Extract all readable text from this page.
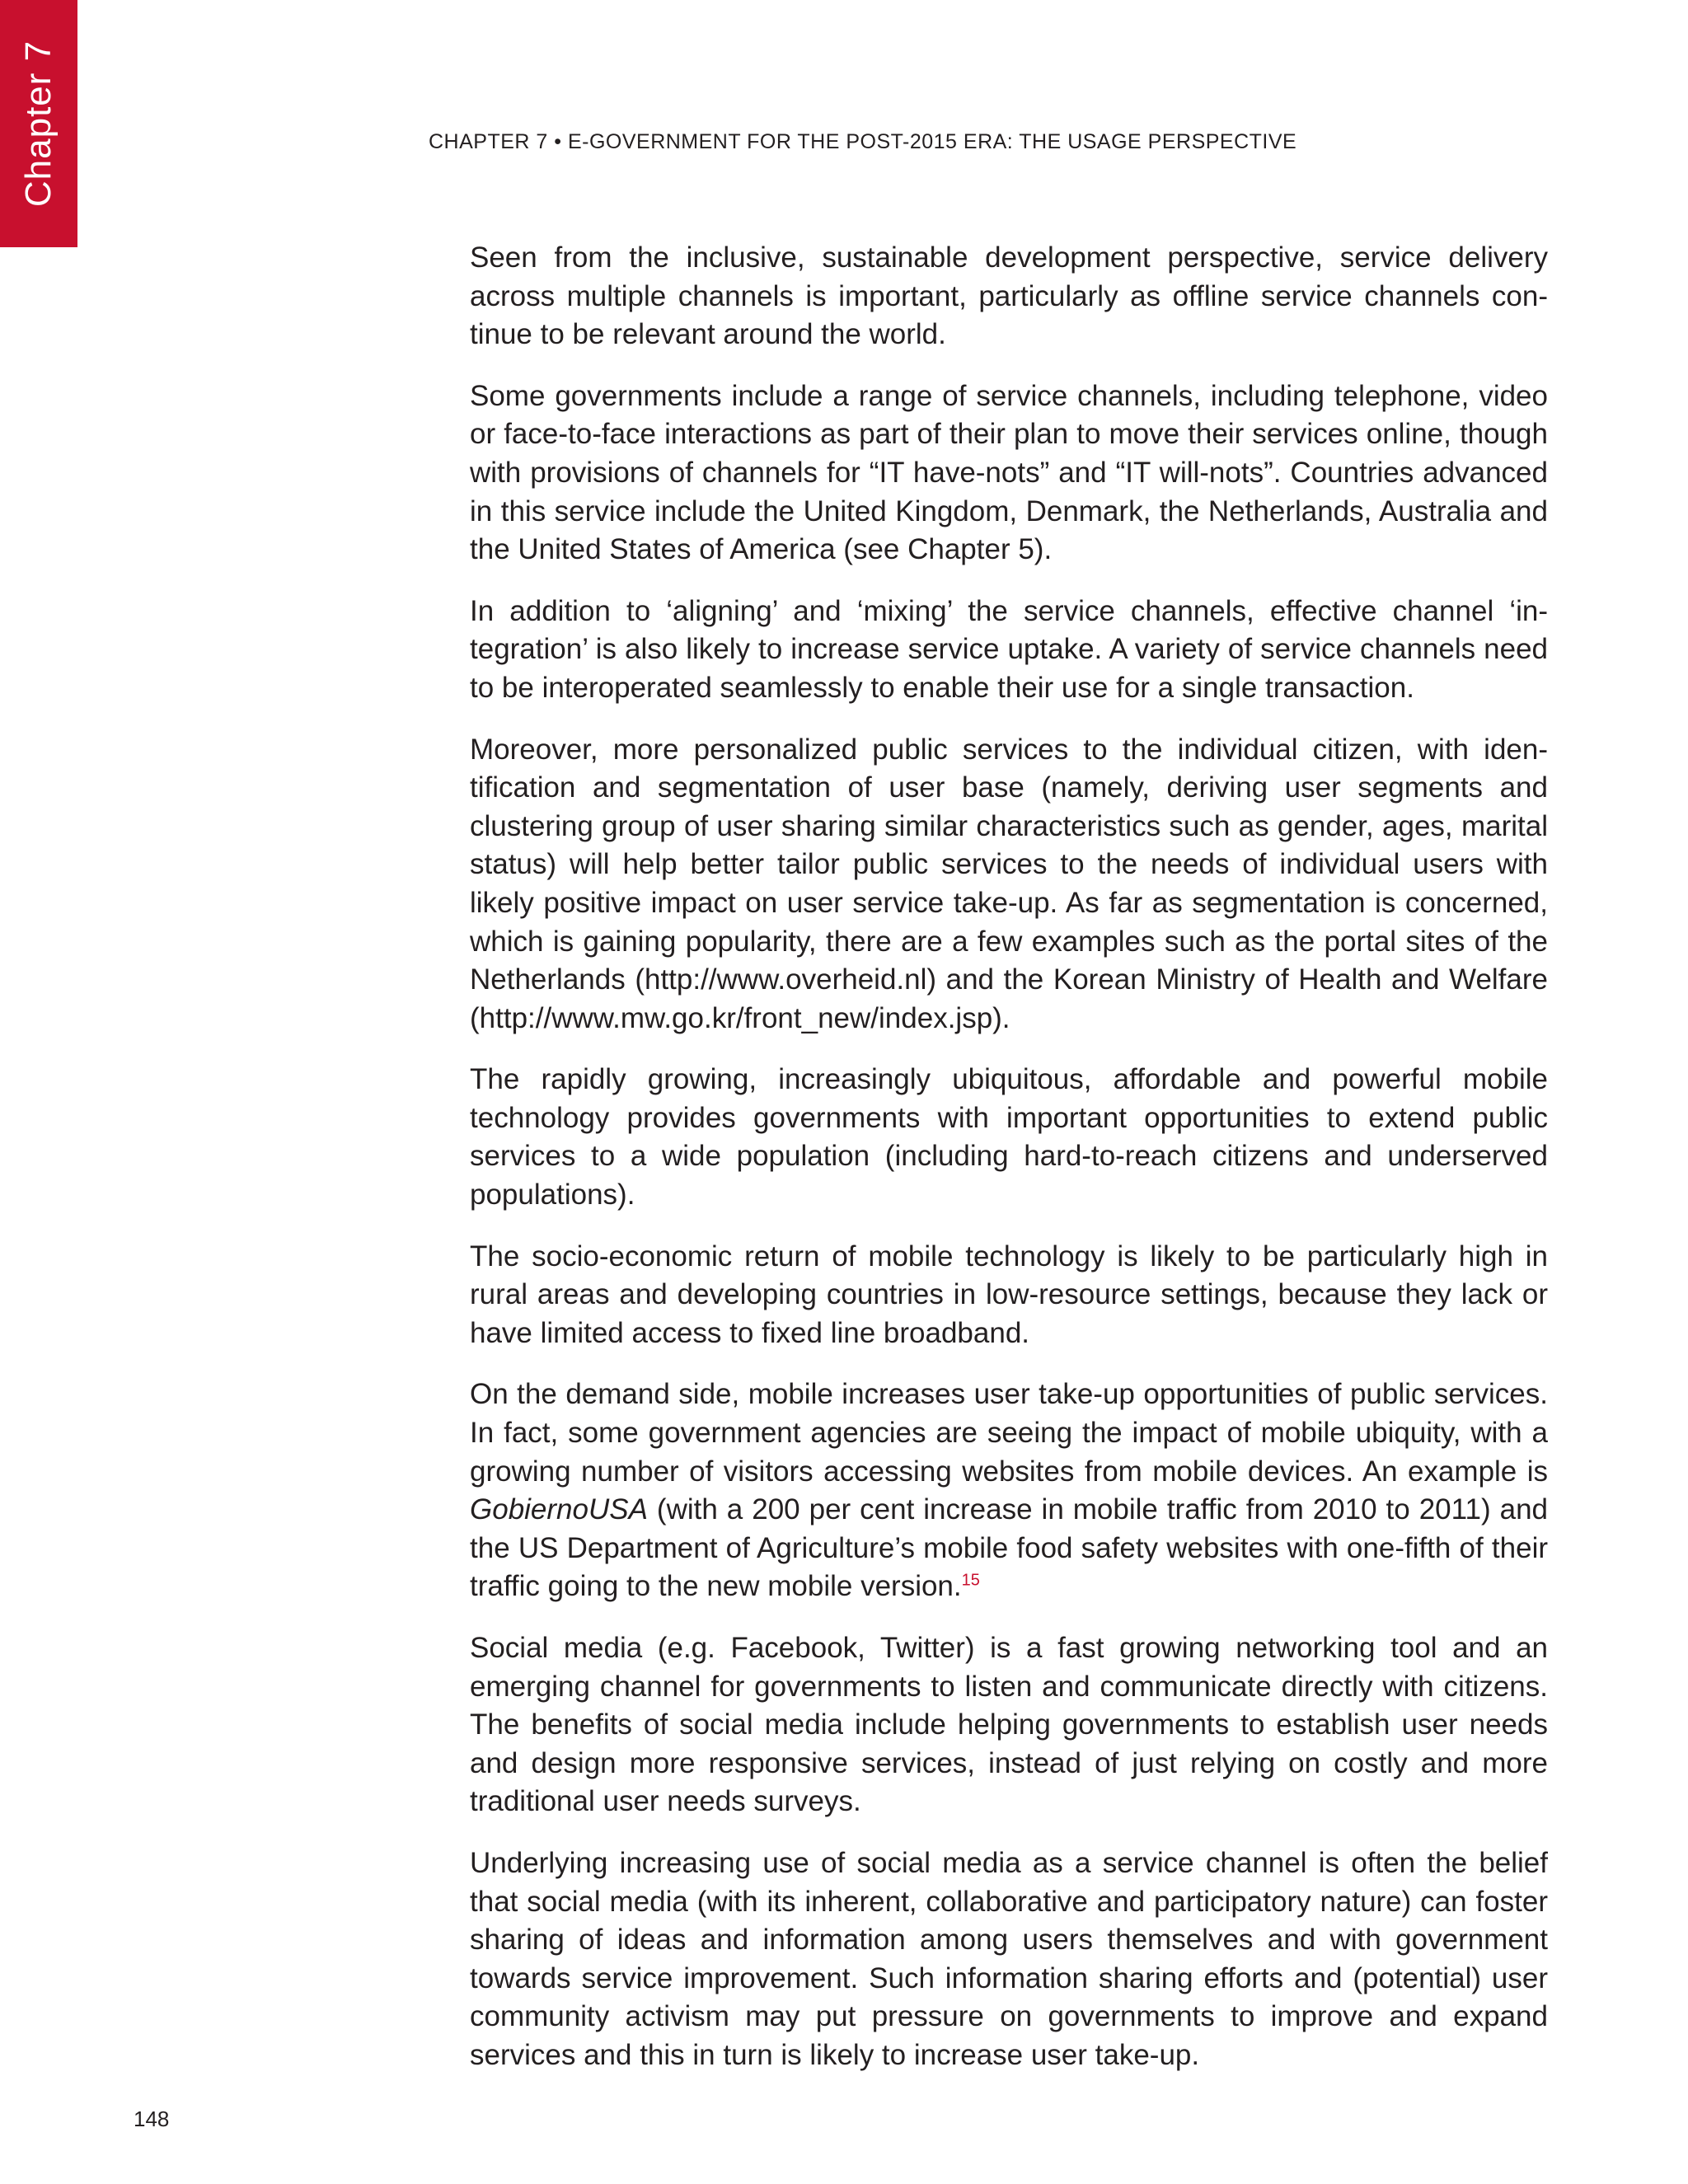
Chapter 7	CHAPTER 7 • E-GOVERNMENT FOR THE POST-2015 ERA: THE USAGE PERSPECTIVE

Seen from the inclusive, sustainable development perspective, service delivery across multiple channels is important, particularly as offline service channels continue to be relevant around the world.

Some governments include a range of service channels, including telephone, video or face-to-face interactions as part of their plan to move their services online, though with provisions of channels for “IT have-nots” and “IT will-nots”. Countries advanced in this service include the United Kingdom, Denmark, the Netherlands, Australia and the United States of America (see Chapter 5).

In addition to ‘aligning’ and ‘mixing’ the service channels, effective channel ‘integration’ is also likely to increase service uptake. A variety of service channels need to be interoperated seamlessly to enable their use for a single transaction.

Moreover, more personalized public services to the individual citizen, with identification and segmentation of user base (namely, deriving user segments and clustering group of user sharing similar characteristics such as gender, ages, marital status) will help better tailor public services to the needs of individual users with likely positive impact on user service take-up. As far as segmentation is concerned, which is gaining popularity, there are a few examples such as the portal sites of the Netherlands (http://www.overheid.nl) and the Korean Ministry of Health and Welfare (http://www.mw.go.kr/front_new/index.jsp).

The rapidly growing, increasingly ubiquitous, affordable and powerful mobile technology provides governments with important opportunities to extend public services to a wide population (including hard-to-reach citizens and underserved populations).

The socio-economic return of mobile technology is likely to be particularly high in rural areas and developing countries in low-resource settings, because they lack or have limited access to fixed line broadband.

On the demand side, mobile increases user take-up opportunities of public services. In fact, some government agencies are seeing the impact of mobile ubiquity, with a growing number of visitors accessing websites from mobile devices. An example is GobiernoUSA (with a 200 per cent increase in mobile traffic from 2010 to 2011) and the US Department of Agriculture’s mobile food safety websites with one-fifth of their traffic going to the new mobile version.$^{15}$

Social media (e.g. Facebook, Twitter) is a fast growing networking tool and an emerging channel for governments to listen and communicate directly with citizens. The benefits of social media include helping governments to establish user needs and design more responsive services, instead of just relying on costly and more traditional user needs surveys.

Underlying increasing use of social media as a service channel is often the belief that social media (with its inherent, collaborative and participatory nature) can foster sharing of ideas and information among users themselves and with government towards service improvement. Such information sharing efforts and (potential) user community activism may put pressure on governments to improve and expand services and this in turn is likely to increase user take-up.

148
